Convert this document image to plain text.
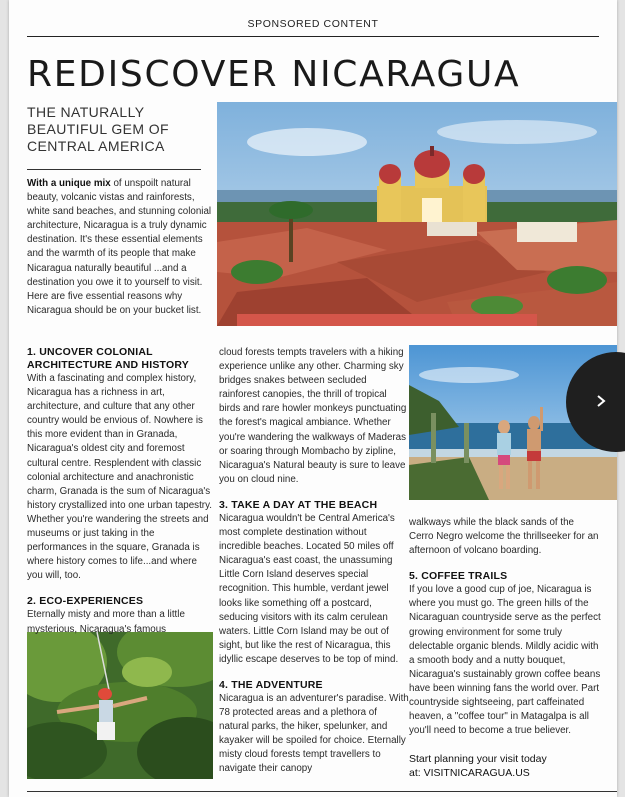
SPONSORED CONTENT
REDISCOVER NICARAGUA
THE NATURALLY BEAUTIFUL GEM OF CENTRAL AMERICA
With a unique mix of unspoilt natural beauty, volcanic vistas and rainforests, white sand beaches, and stunning colonial architecture, Nicaragua is a truly dynamic destination. It's these essential elements and the warmth of its people that make Nicaragua naturally beautiful ...and a destination you owe it to yourself to visit. Here are five essential reasons why Nicaragua should be on your bucket list.
1. UNCOVER COLONIAL ARCHITECTURE AND HISTORY
With a fascinating and complex history, Nicaragua has a richness in art, architecture, and culture that any other country would be envious of. Nowhere is this more evident than in Granada, Nicaragua's oldest city and foremost cultural centre. Resplendent with classic colonial architecture and anachronistic charm, Granada is the sum of Nicaragua's history crystallized into one urban tapestry. Whether you're wandering the streets and museums or just taking in the performances in the square, Granada is where history comes to life...and where you will, too.
2. ECO-EXPERIENCES
Eternally misty and more than a little mysterious, Nicaragua's famous
cloud forests tempts travelers with a hiking experience unlike any other. Charming sky bridges snakes between secluded rainforest canopies, the thrill of tropical birds and rare howler monkeys punctuating the forest's magical ambiance. Whether you're wandering the walkways of Maderas or soaring through Mombacho by zipline, Nicaragua's Natural beauty is sure to leave you on cloud nine.
3. TAKE A DAY AT THE BEACH
Nicaragua wouldn't be Central America's most complete destination without incredible beaches. Located 50 miles off Nicaragua's east coast, the unassuming Little Corn Island deserves special recognition. This humble, verdant jewel looks like something off a postcard, seducing visitors with its calm cerulean waters. Little Corn Island may be out of sight, but like the rest of Nicaragua, this idyllic escape deserves to be top of mind.
4. THE ADVENTURE
Nicaragua is an adventurer's paradise. With 78 protected areas and a plethora of natural parks, the hiker, spelunker, and kayaker will be spoiled for choice. Eternally misty cloud forests tempt travellers to navigate their canopy
walkways while the black sands of the Cerro Negro welcome the thrillseeker for an afternoon of volcano boarding.
5. COFFEE TRAILS
If you love a good cup of joe, Nicaragua is where you must go. The green hills of the Nicaraguan countryside serve as the perfect growing environment for some truly delectable organic blends. Mildly acidic with a smooth body and a nutty bouquet, Nicaragua's sustainably grown coffee beans have been winning fans the world over. Part countryside sightseeing, part caffeinated heaven, a "coffee tour" in Matagalpa is all you'll need to become a true believer.
Start planning your visit today
at: VISITNICARAGUA.US
